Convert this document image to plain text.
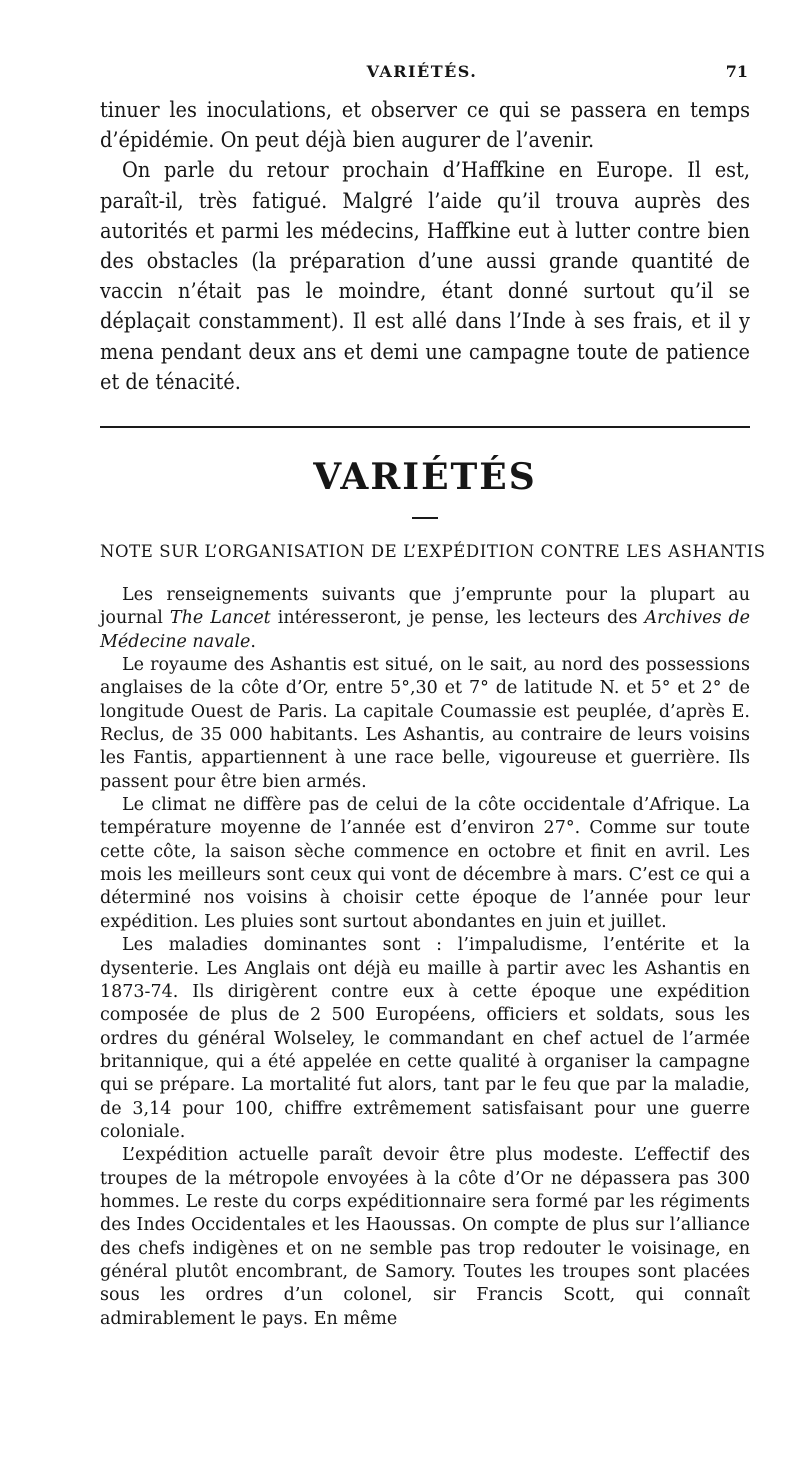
VARIÉTÉS.	71

tinuer les inoculations, et observer ce qui se passera en temps d’épidémie. On peut déjà bien augurer de l’avenir.

On parle du retour prochain d’Haffkine en Europe. Il est, paraît-il, très fatigué. Malgré l’aide qu’il trouva auprès des autorités et parmi les médecins, Haffkine eut à lutter contre bien des obstacles (la préparation d’une aussi grande quantité de vaccin n’était pas le moindre, étant donné surtout qu’il se déplaçait constamment). Il est allé dans l’Inde à ses frais, et il y mena pendant deux ans et demi une campagne toute de patience et de ténacité.

VARIÉTÉS
NOTE SUR L’ORGANISATION DE L’EXPÉDITION CONTRE LES ASHANTIS

Les renseignements suivants que j’emprunte pour la plupart au journal The Lancet intéresseront, je pense, les lecteurs des Archives de Médecine navale.

Le royaume des Ashantis est situé, on le sait, au nord des possessions anglaises de la côte d’Or, entre 5°,30 et 7° de latitude N. et 5° et 2° de longitude Ouest de Paris. La capitale Coumassie est peuplée, d’après E. Reclus, de 35 000 habitants. Les Ashantis, au contraire de leurs voisins les Fantis, appartiennent à une race belle, vigoureuse et guerrière. Ils passent pour être bien armés.

Le climat ne diffère pas de celui de la côte occidentale d’Afrique. La température moyenne de l’année est d’environ 27°. Comme sur toute cette côte, la saison sèche commence en octobre et finit en avril. Les mois les meilleurs sont ceux qui vont de décembre à mars. C’est ce qui a déterminé nos voisins à choisir cette époque de l’année pour leur expédition. Les pluies sont surtout abondantes en juin et juillet.

Les maladies dominantes sont : l’impaludisme, l’entérite et la dysenterie. Les Anglais ont déjà eu maille à partir avec les Ashantis en 1873-74. Ils dirigèrent contre eux à cette époque une expédition composée de plus de 2 500 Européens, officiers et soldats, sous les ordres du général Wolseley, le commandant en chef actuel de l’armée britannique, qui a été appelée en cette qualité à organiser la campagne qui se prépare. La mortalité fut alors, tant par le feu que par la maladie, de 3,14 pour 100, chiffre extrêmement satisfaisant pour une guerre coloniale.

L’expédition actuelle paraît devoir être plus modeste. L’effectif des troupes de la métropole envoyées à la côte d’Or ne dépassera pas 300 hommes. Le reste du corps expéditionnaire sera formé par les régiments des Indes Occidentales et les Haoussas. On compte de plus sur l’alliance des chefs indigènes et on ne semble pas trop redouter le voisinage, en général plutôt encombrant, de Samory. Toutes les troupes sont placées sous les ordres d’un colonel, sir Francis Scott, qui connaît admirablement le pays. En même
